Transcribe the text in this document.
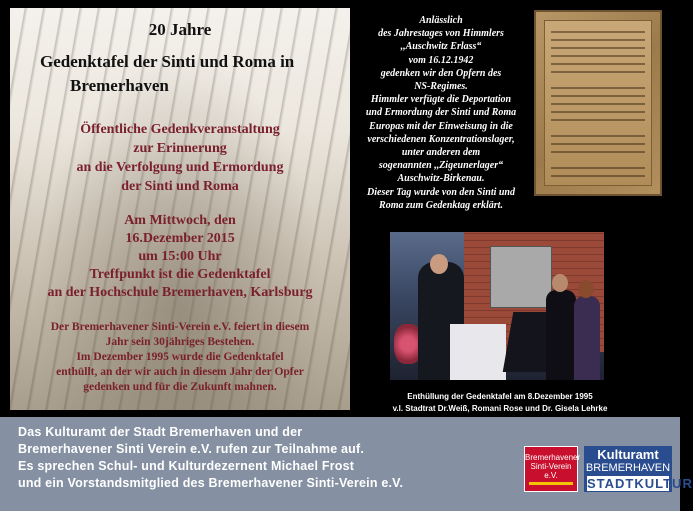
20 Jahre
Gedenktafel der Sinti und Roma in
Bremerhaven
Öffentliche Gedenkveranstaltung
zur Erinnerung
an die Verfolgung und Ermordung
der Sinti und Roma
Am Mittwoch, den
16.Dezember 2015
um 15:00 Uhr
Treffpunkt ist die Gedenktafel
an der Hochschule Bremerhaven, Karlsburg
Der Bremerhavener Sinti-Verein e.V. feiert in diesem
Jahr sein 30jähriges Bestehen.
Im Dezember 1995 wurde die Gedenktafel
enthüllt, an der wir auch in diesem Jahr der Opfer
gedenken und für die Zukunft mahnen.
Anlässlich
des Jahrestages von Himmlers
,,Auschwitz Erlass“
vom 16.12.1942
gedenken wir den Opfern des
NS-Regimes.
Himmler verfügte die Deportation
und Ermordung der Sinti und Roma
Europas mit der Einweisung in die
verschiedenen Konzentrationslager,
unter anderen dem
sogenannten ,,Zigeunerlager“
Auschwitz-Birkenau.
Dieser Tag wurde von den Sinti und
Roma zum Gedenktag erklärt.
Enthüllung der Gedenktafel am 8.Dezember 1995
v.l. Stadtrat Dr.Weiß, Romani Rose und Dr. Gisela Lehrke
Das Kulturamt der Stadt Bremerhaven und der
Bremerhavener Sinti Verein e.V. rufen zur Teilnahme auf.
Es sprechen Schul- und Kulturdezernent Michael Frost
und ein Vorstandsmitglied des Bremerhavener Sinti-Verein e.V.
Bremerhavener
Sinti-Verein e.V.
Kulturamt
BREMERHAVEN
STADTKULTUR
